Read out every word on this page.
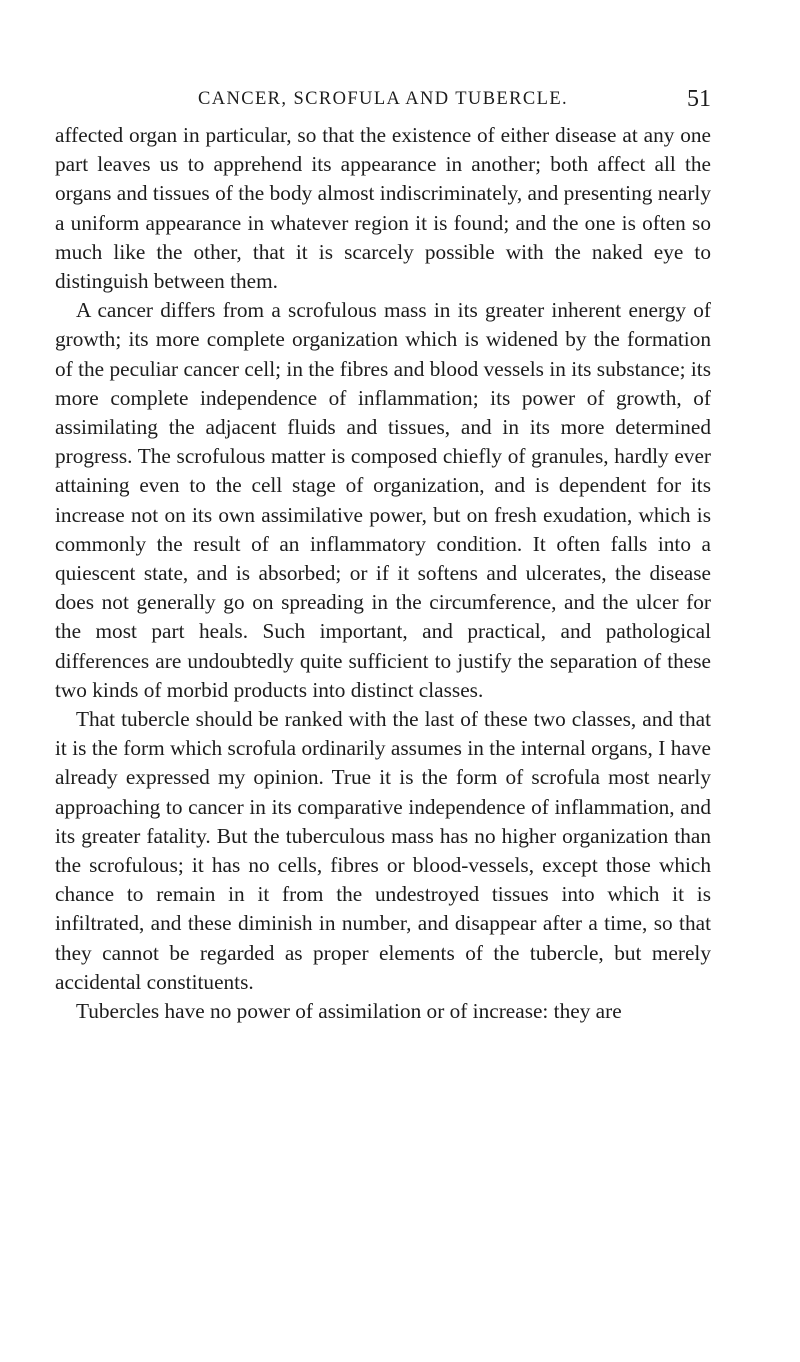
CANCER, SCROFULA AND TUBERCLE.	51

affected organ in particular, so that the existence of either disease at any one part leaves us to apprehend its appearance in another; both affect all the organs and tissues of the body almost indiscriminately, and presenting nearly a uniform appearance in whatever region it is found; and the one is often so much like the other, that it is scarcely possible with the naked eye to distinguish between them.

A cancer differs from a scrofulous mass in its greater inherent energy of growth; its more complete organization which is widened by the formation of the peculiar cancer cell; in the fibres and blood vessels in its substance; its more complete independence of inflammation; its power of growth, of assimilating the adjacent fluids and tissues, and in its more determined progress. The scrofulous matter is composed chiefly of granules, hardly ever attaining even to the cell stage of organization, and is dependent for its increase not on its own assimilative power, but on fresh exudation, which is commonly the result of an inflammatory condition. It often falls into a quiescent state, and is absorbed; or if it softens and ulcerates, the disease does not generally go on spreading in the circumference, and the ulcer for the most part heals. Such important, and practical, and pathological differences are undoubtedly quite sufficient to justify the separation of these two kinds of morbid products into distinct classes.

That tubercle should be ranked with the last of these two classes, and that it is the form which scrofula ordinarily assumes in the internal organs, I have already expressed my opinion. True it is the form of scrofula most nearly approaching to cancer in its comparative independence of inflammation, and its greater fatality. But the tuberculous mass has no higher organization than the scrofulous; it has no cells, fibres or blood-vessels, except those which chance to remain in it from the undestroyed tissues into which it is infiltrated, and these diminish in number, and disappear after a time, so that they cannot be regarded as proper elements of the tubercle, but merely accidental constituents.

Tubercles have no power of assimilation or of increase: they are
